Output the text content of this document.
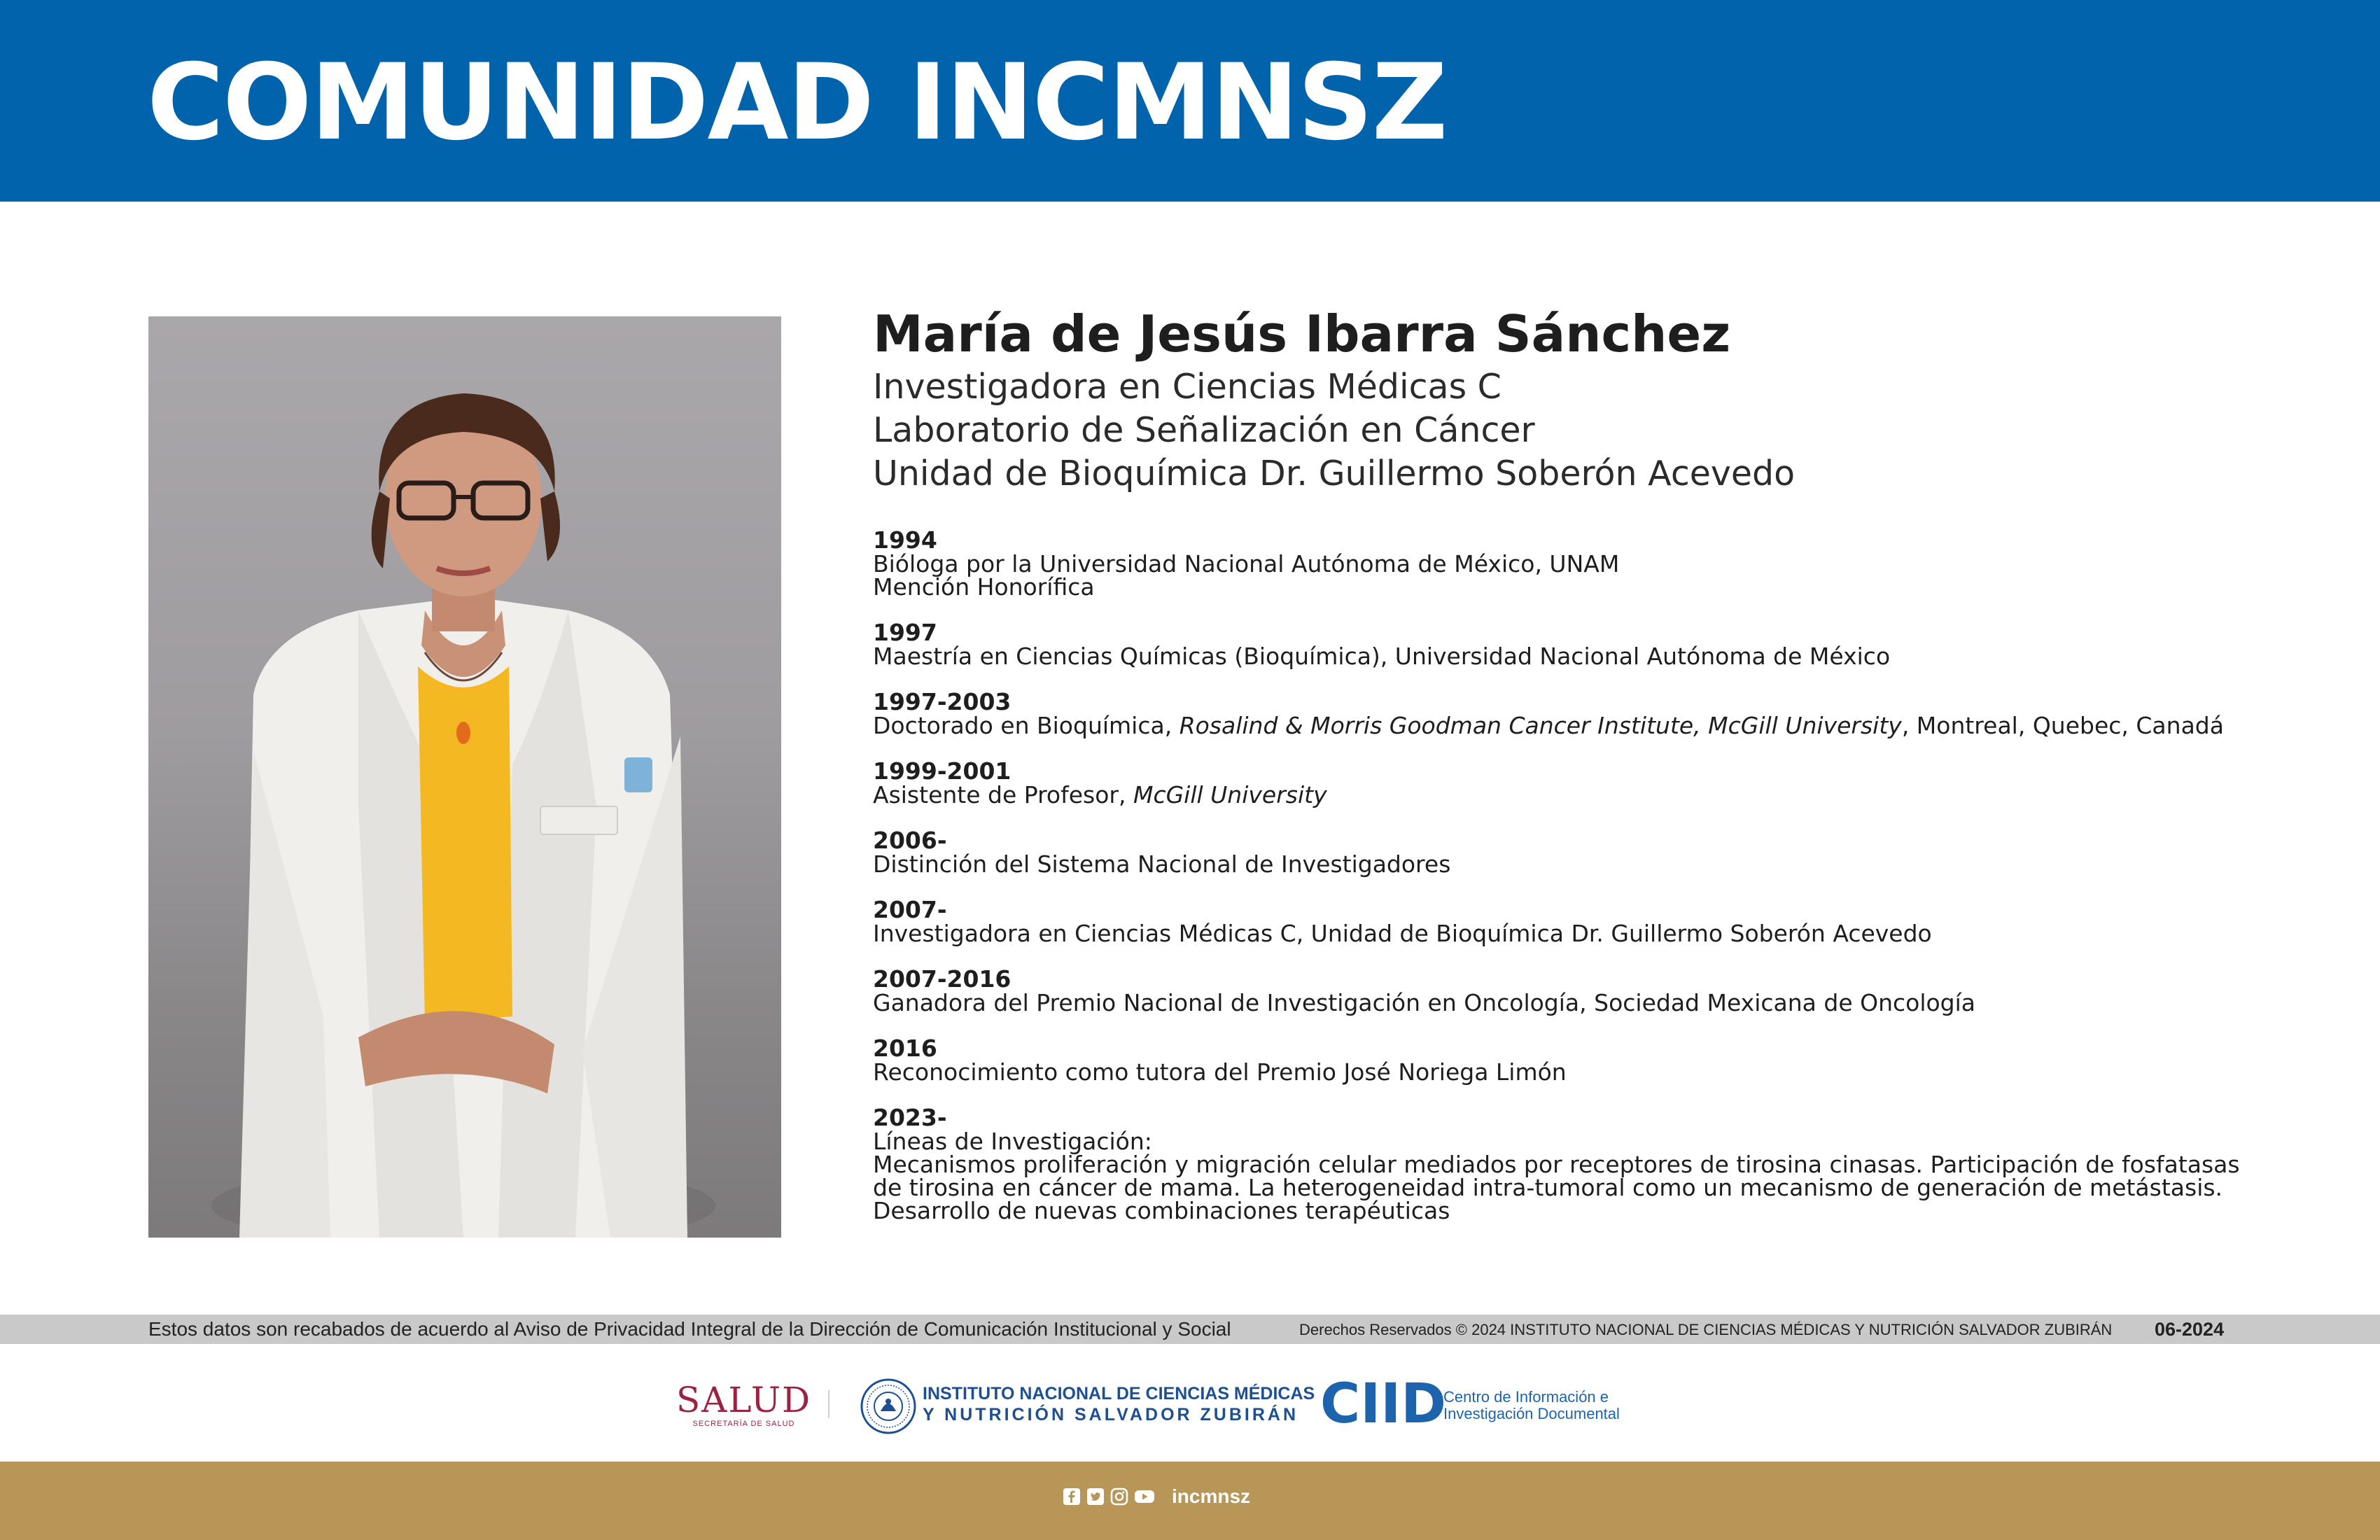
COMUNIDAD INCMNSZ
María de Jesús Ibarra Sánchez
Investigadora en Ciencias Médicas C
Laboratorio de Señalización en Cáncer
Unidad de Bioquímica Dr. Guillermo Soberón Acevedo
1994
Bióloga por la Universidad Nacional Autónoma de México, UNAM
Mención Honorífica
1997
Maestría en Ciencias Químicas (Bioquímica), Universidad Nacional Autónoma de México
1997-2003
Doctorado en Bioquímica, Rosalind & Morris Goodman Cancer Institute, McGill University, Montreal, Quebec, Canadá
1999-2001
Asistente de Profesor, McGill University
2006-
Distinción del Sistema Nacional de Investigadores
2007-
Investigadora en Ciencias Médicas C, Unidad de Bioquímica Dr. Guillermo Soberón Acevedo
2007-2016
Ganadora del Premio Nacional de Investigación en Oncología, Sociedad Mexicana de Oncología
2016
Reconocimiento como tutora del Premio José Noriega Limón
2023-
Líneas de Investigación:
Mecanismos proliferación y migración celular mediados por receptores de tirosina cinasas. Participación de fosfatasas
de tirosina en cáncer de mama. La heterogeneidad intra-tumoral como un mecanismo de generación de metástasis.
Desarrollo de nuevas combinaciones terapéuticas
Estos datos son recabados de acuerdo al Aviso de Privacidad Integral de la Dirección de Comunicación Institucional y Social	Derechos Reservados © 2024 INSTITUTO NACIONAL DE CIENCIAS MÉDICAS Y NUTRICIÓN SALVADOR ZUBIRÁN 06-2024
SALUD
SECRETARÍA DE SALUD
INSTITUTO NACIONAL DE CIENCIAS MÉDICAS
Y NUTRICIÓN SALVADOR ZUBIRÁN CIID
Centro de Información e
Investigación Documental
incmnsz
